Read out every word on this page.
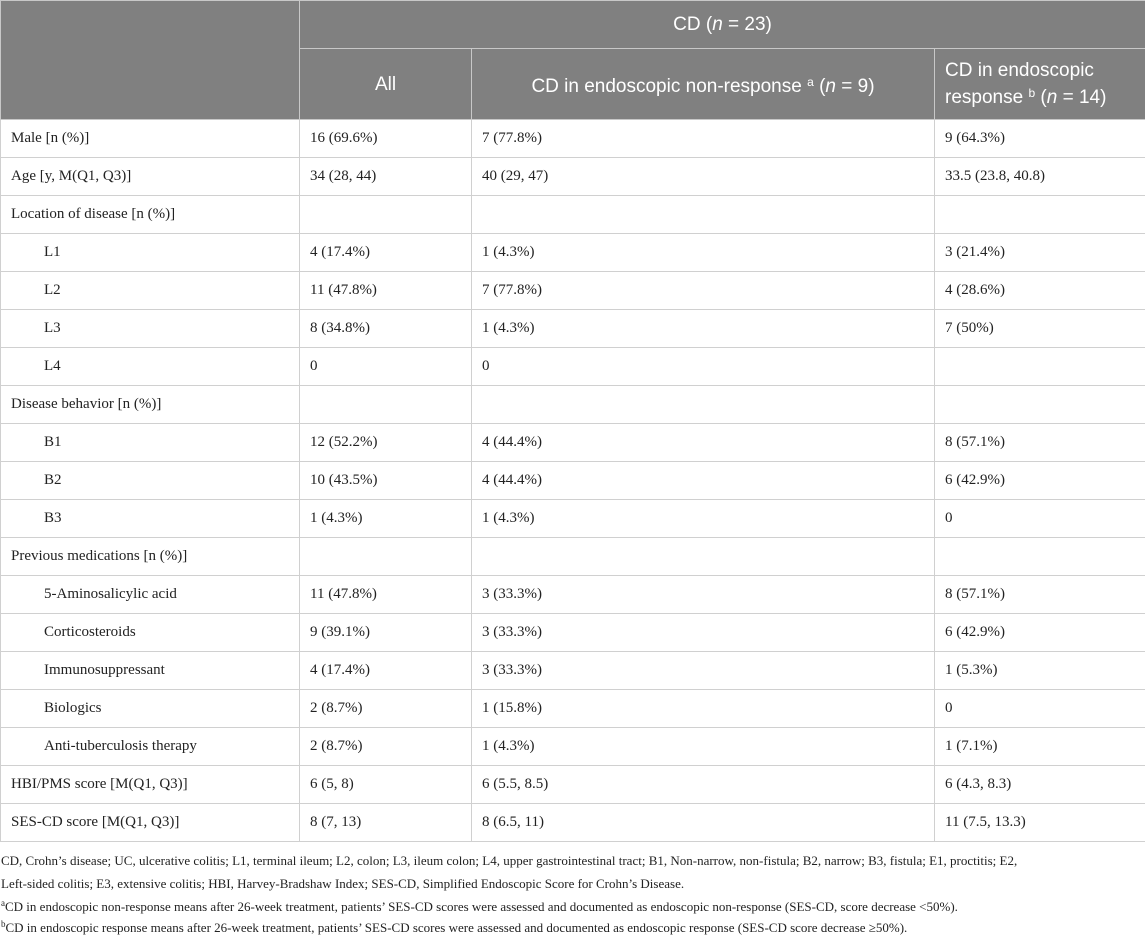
	CD (n = 23)		
	All	CD in endoscopic non-response $^a$ (n = 9)	CD in endoscopic
response $^b$ (n = 14)
Male [n (%)]	16 (69.6%)	7 (77.8%)	9 (64.3%)
Age [y, M(Q1, Q3)]	34 (28, 44)	40 (29, 47)	33.5 (23.8, 40.8)
Location of disease [n (%)]			
L1	4 (17.4%)	1 (4.3%)	3 (21.4%)
L2	11 (47.8%)	7 (77.8%)	4 (28.6%)
L3	8 (34.8%)	1 (4.3%)	7 (50%)
L4	0	0	
Disease behavior [n (%)]			
B1	12 (52.2%)	4 (44.4%)	8 (57.1%)
B2	10 (43.5%)	4 (44.4%)	6 (42.9%)
B3	1 (4.3%)	1 (4.3%)	0
Previous medications [n (%)]			
5-Aminosalicylic acid	11 (47.8%)	3 (33.3%)	8 (57.1%)
Corticosteroids	9 (39.1%)	3 (33.3%)	6 (42.9%)
Immunosuppressant	4 (17.4%)	3 (33.3%)	1 (5.3%)
Biologics	2 (8.7%)	1 (15.8%)	0
Anti-tuberculosis therapy	2 (8.7%)	1 (4.3%)	1 (7.1%)
HBI/PMS score [M(Q1, Q3)]	6 (5, 8)	6 (5.5, 8.5)	6 (4.3, 8.3)
SES-CD score [M(Q1, Q3)]	8 (7, 13)	8 (6.5, 11)	11 (7.5, 13.3)
CD, Crohn’s disease; UC, ulcerative colitis; L1, terminal ileum; L2, colon; L3, ileum colon; L4, upper gastrointestinal tract; B1, Non-narrow, non-fistula; B2, narrow; B3, fistula; E1, proctitis; E2,
Left-sided colitis; E3, extensive colitis; HBI, Harvey-Bradshaw Index; SES-CD, Simplified Endoscopic Score for Crohn’s Disease.
$^a$CD in endoscopic non-response means after 26-week treatment, patients’ SES-CD scores were assessed and documented as endoscopic non-response (SES-CD, score decrease <50%).
$^b$CD in endoscopic response means after 26-week treatment, patients’ SES-CD scores were assessed and documented as endoscopic response (SES-CD score decrease ≥50%).
